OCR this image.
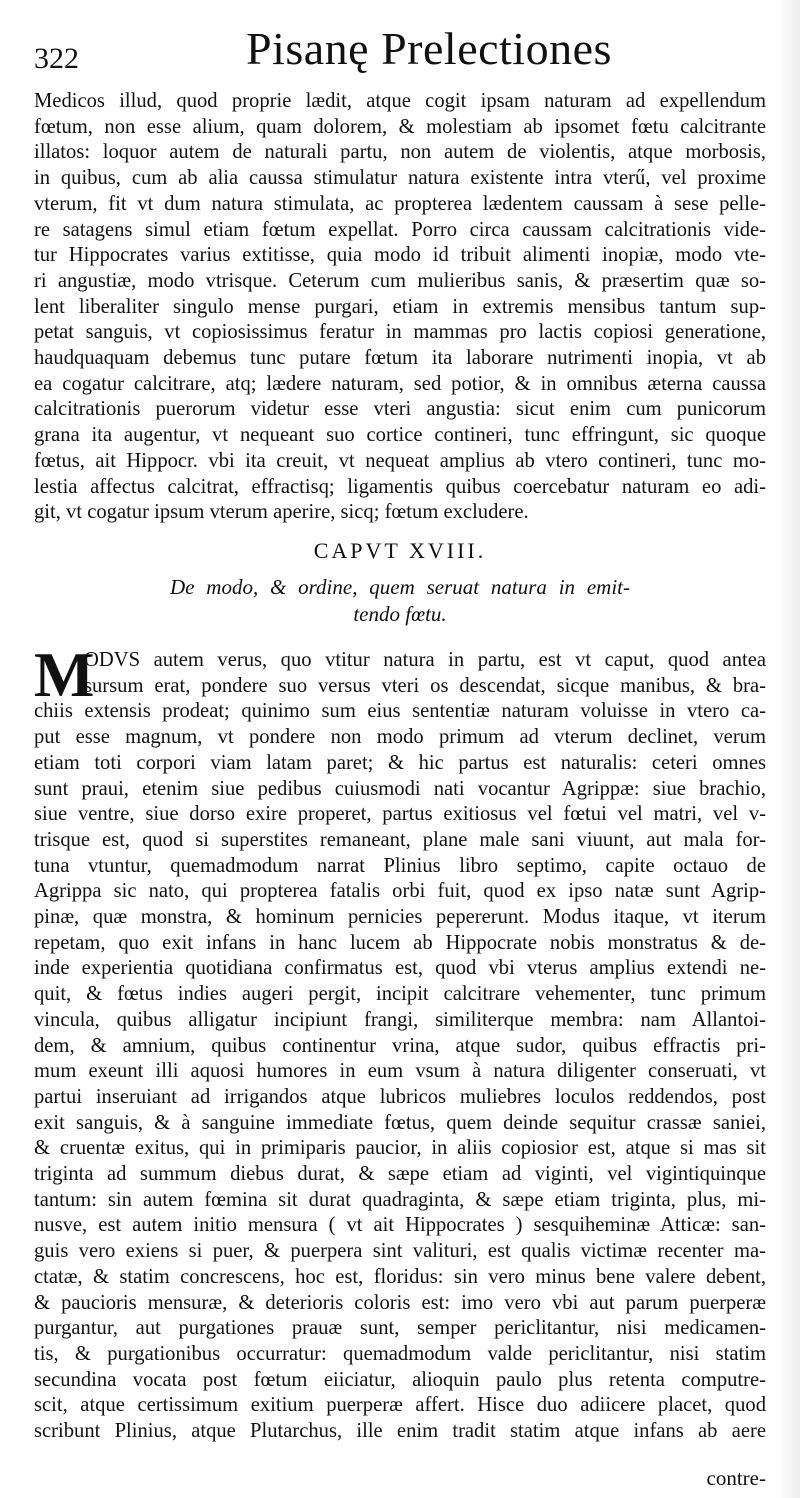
322	Pisanę Prelectiones
Medicos illud, quod proprie lædit, atque cogit ipsam naturam ad expellendum
fœtum, non esse alium, quam dolorem, & molestiam ab ipsomet fœtu calcitrante
illatos: loquor autem de naturali partu, non autem de violentis, atque morbosis,
in quibus, cum ab alia caussa stimulatur natura existente intra vterű, vel proxime
vterum, fit vt dum natura stimulata, ac propterea lædentem caussam à sese pelle-
re satagens simul etiam fœtum expellat. Porro circa caussam calcitrationis vide-
tur Hippocrates varius extitisse, quia modo id tribuit alimenti inopiæ, modo vte-
ri angustiæ, modo vtrisque. Ceterum cum mulieribus sanis, & præsertim quæ so-
lent liberaliter singulo mense purgari, etiam in extremis mensibus tantum sup-
petat sanguis, vt copiosissimus feratur in mammas pro lactis copiosi generatione,
haudquaquam debemus tunc putare fœtum ita laborare nutrimenti inopia, vt ab
ea cogatur calcitrare, atq; lædere naturam, sed potior, & in omnibus æterna caussa
calcitrationis puerorum videtur esse vteri angustia: sicut enim cum punicorum
grana ita augentur, vt nequeant suo cortice contineri, tunc effringunt, sic quoque
fœtus, ait Hippocr. vbi ita creuit, vt nequeat amplius ab vtero contineri, tunc mo-
lestia affectus calcitrat, effractisq; ligamentis quibus coercebatur naturam eo adi-
git, vt cogatur ipsum vterum aperire, sicq; fœtum excludere.
CAPVT XVIII.
De modo, & ordine, quem seruat natura in emit-
tendo fœtu.
M
ODVS autem verus, quo vtitur natura in partu, est vt caput, quod antea
sursum erat, pondere suo versus vteri os descendat, sicque manibus, & bra-
chiis extensis prodeat; quinimo sum eius sententiæ naturam voluisse in vtero ca-
put esse magnum, vt pondere non modo primum ad vterum declinet, verum
etiam toti corpori viam latam paret; & hic partus est naturalis: ceteri omnes
sunt praui, etenim siue pedibus cuiusmodi nati vocantur Agrippæ: siue brachio,
siue ventre, siue dorso exire properet, partus exitiosus vel fœtui vel matri, vel v-
trisque est, quod si superstites remaneant, plane male sani viuunt, aut mala for-
tuna vtuntur, quemadmodum narrat Plinius libro septimo, capite octauo de
Agrippa sic nato, qui propterea fatalis orbi fuit, quod ex ipso natæ sunt Agrip-
pinæ, quæ monstra, & hominum pernicies pepererunt. Modus itaque, vt iterum
repetam, quo exit infans in hanc lucem ab Hippocrate nobis monstratus & de-
inde experientia quotidiana confirmatus est, quod vbi vterus amplius extendi ne-
quit, & fœtus indies augeri pergit, incipit calcitrare vehementer, tunc primum
vincula, quibus alligatur incipiunt frangi, similiterque membra: nam Allantoi-
dem, & amnium, quibus continentur vrina, atque sudor, quibus effractis pri-
mum exeunt illi aquosi humores in eum vsum à natura diligenter conseruati, vt
partui inseruiant ad irrigandos atque lubricos muliebres loculos reddendos, post
exit sanguis, & à sanguine immediate fœtus, quem deinde sequitur crassæ saniei,
& cruentæ exitus, qui in primiparis paucior, in aliis copiosior est, atque si mas sit
triginta ad summum diebus durat, & sæpe etiam ad viginti, vel vigintiquinque
tantum: sin autem fœmina sit durat quadraginta, & sæpe etiam triginta, plus, mi-
nusve, est autem initio mensura ( vt ait Hippocrates ) sesquiheminæ Atticæ: san-
guis vero exiens si puer, & puerpera sint valituri, est qualis victimæ recenter ma-
ctatæ, & statim concrescens, hoc est, floridus: sin vero minus bene valere debent,
& paucioris mensuræ, & deterioris coloris est: imo vero vbi aut parum puerperæ
purgantur, aut purgationes prauæ sunt, semper periclitantur, nisi medicamen-
tis, & purgationibus occurratur: quemadmodum valde periclitantur, nisi statim
secundina vocata post fœtum eiiciatur, alioquin paulo plus retenta computre-
scit, atque certissimum exitium puerperæ affert. Hisce duo adiicere placet, quod
scribunt Plinius, atque Plutarchus, ille enim tradit statim atque infans ab aere
contre-
